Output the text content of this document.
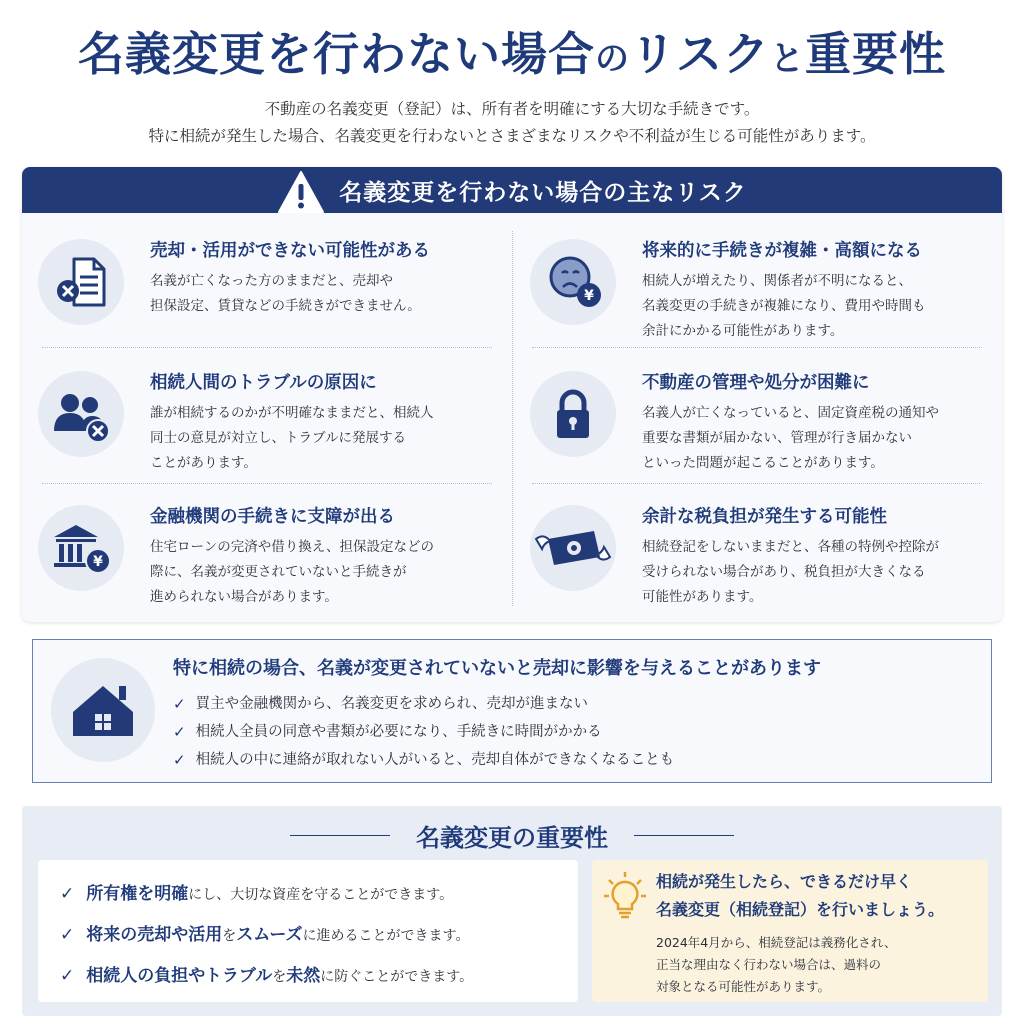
名義変更を行わない場合のリスクと重要性
不動産の名義変更（登記）は、所有者を明確にする大切な手続きです。
特に相続が発生した場合、名義変更を行わないとさまざまなリスクや不利益が生じる可能性があります。
名義変更を行わない場合の主なリスク
売却・活用ができない可能性がある

名義が亡くなった方のままだと、売却や
担保設定、賃貸などの手続きができません。

¥
将来的に手続きが複雑・高額になる

相続人が増えたり、関係者が不明になると、
名義変更の手続きが複雑になり、費用や時間も
余計にかかる可能性があります。

相続人間のトラブルの原因に

誰が相続するのかが不明確なままだと、相続人
同士の意見が対立し、トラブルに発展する
ことがあります。

不動産の管理や処分が困難に

名義人が亡くなっていると、固定資産税の通知や
重要な書類が届かない、管理が行き届かない
といった問題が起こることがあります。

¥
金融機関の手続きに支障が出る

住宅ローンの完済や借り換え、担保設定などの
際に、名義が変更されていないと手続きが
進められない場合があります。

余計な税負担が発生する可能性

相続登記をしないままだと、各種の特例や控除が
受けられない場合があり、税負担が大きくなる
可能性があります。

特に相続の場合、名義が変更されていないと売却に影響を与えることがあります
✓ 買主や金融機関から、名義変更を求められ、売却が進まない
✓ 相続人全員の同意や書類が必要になり、手続きに時間がかかる
✓ 相続人の中に連絡が取れない人がいると、売却自体ができなくなることも
名義変更の重要性
✓ 所有権を明確にし、大切な資産を守ることができます。
✓ 将来の売却や活用をスムーズに進めることができます。
✓ 相続人の負担やトラブルを未然に防ぐことができます。
相続が発生したら、できるだけ早く
名義変更（相続登記）を行いましょう。

2024年4月から、相続登記は義務化され、
正当な理由なく行わない場合は、過料の
対象となる可能性があります。
